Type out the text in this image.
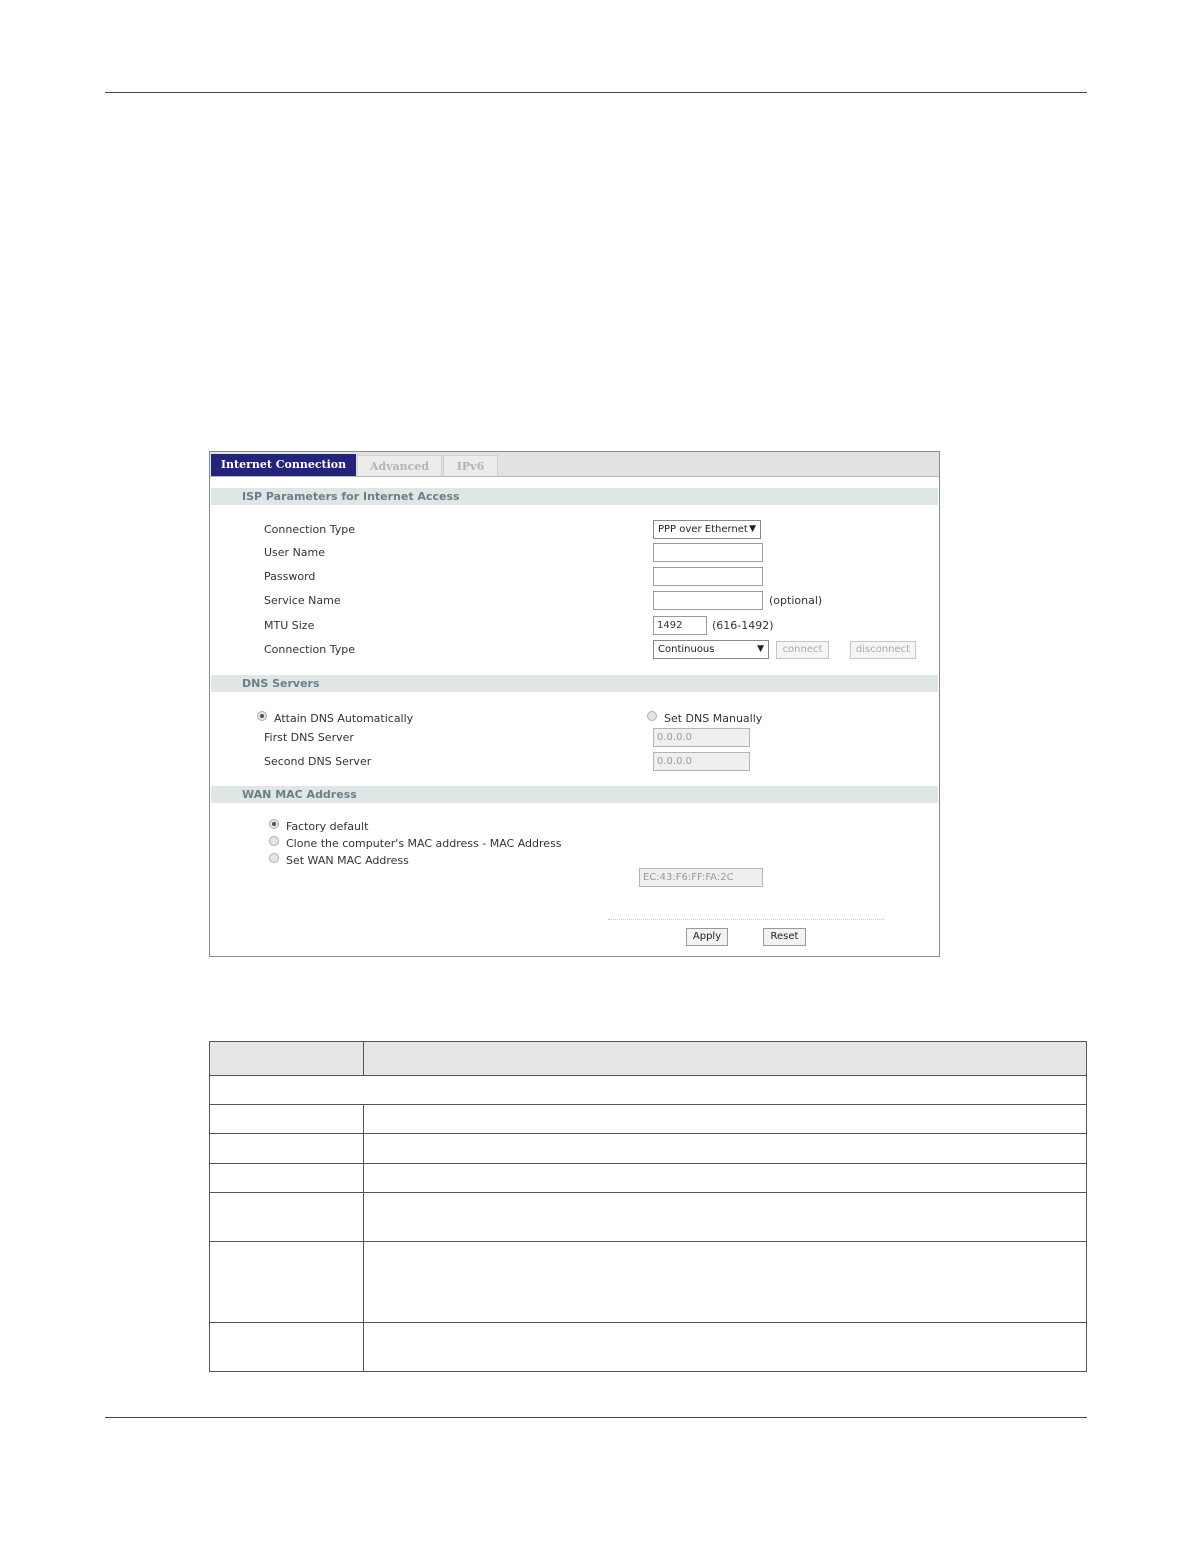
Internet Connection	Advanced	IPv6
ISP Parameters for Internet Access
Connection Type	PPP over Ethernet ▼
User Name
Password
Service Name	(optional)
MTU Size	1492	(616-1492)
Connection Type	Continuous	▼	connect	disconnect
DNS Servers
Attain DNS Automatically	Set DNS Manually
First DNS Server	0.0.0.0
Second DNS Server	0.0.0.0
WAN MAC Address
Factory default
Clone the computer's MAC address - MAC Address
Set WAN MAC Address
EC:43:F6:FF:FA:2C
Apply	Reset
